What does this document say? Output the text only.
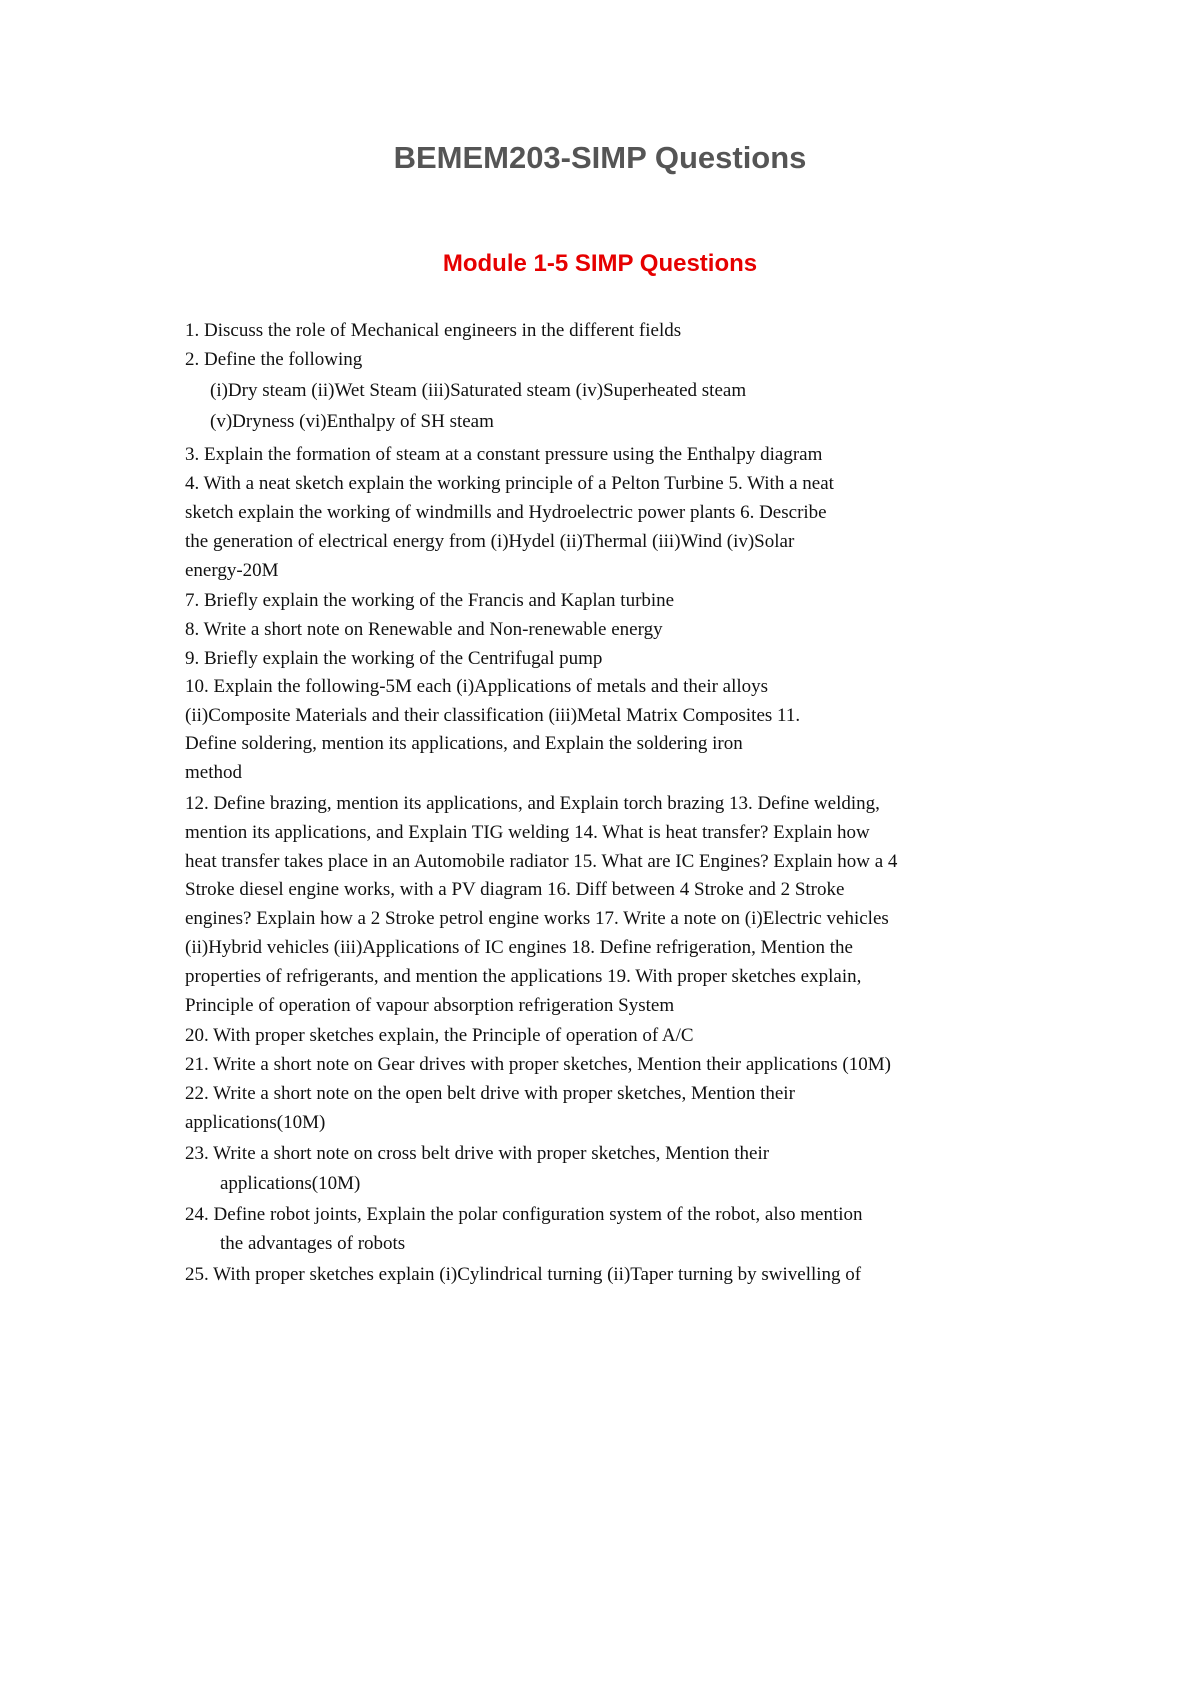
BEMEM203-SIMP Questions
Module 1-5 SIMP Questions

1. Discuss the role of Mechanical engineers in the different fields

2. Define the following

(i)Dry steam (ii)Wet Steam (iii)Saturated steam (iv)Superheated steam

(v)Dryness (vi)Enthalpy of SH steam

3. Explain the formation of steam at a constant pressure using the Enthalpy diagram

4. With a neat sketch explain the working principle of a Pelton Turbine 5. With a neat

sketch explain the working of windmills and Hydroelectric power plants 6. Describe

the generation of electrical energy from (i)Hydel (ii)Thermal (iii)Wind (iv)Solar

energy-20M

7. Briefly explain the working of the Francis and Kaplan turbine

8. Write a short note on Renewable and Non-renewable energy

9. Briefly explain the working of the Centrifugal pump

10. Explain the following-5M each (i)Applications of metals and their alloys

(ii)Composite Materials and their classification (iii)Metal Matrix Composites 11.

Define soldering, mention its applications, and Explain the soldering iron

method

12. Define brazing, mention its applications, and Explain torch brazing 13. Define welding,

mention its applications, and Explain TIG welding 14. What is heat transfer? Explain how

heat transfer takes place in an Automobile radiator 15. What are IC Engines? Explain how a 4

Stroke diesel engine works, with a PV diagram 16. Diff between 4 Stroke and 2 Stroke

engines? Explain how a 2 Stroke petrol engine works 17. Write a note on (i)Electric vehicles

(ii)Hybrid vehicles (iii)Applications of IC engines 18. Define refrigeration, Mention the

properties of refrigerants, and mention the applications 19. With proper sketches explain,

Principle of operation of vapour absorption refrigeration System

20. With proper sketches explain, the Principle of operation of A/C

21. Write a short note on Gear drives with proper sketches, Mention their applications (10M)

22. Write a short note on the open belt drive with proper sketches, Mention their

applications(10M)

23. Write a short note on cross belt drive with proper sketches, Mention their

applications(10M)

24. Define robot joints, Explain the polar configuration system of the robot, also mention

the advantages of robots

25. With proper sketches explain (i)Cylindrical turning (ii)Taper turning by swivelling of
